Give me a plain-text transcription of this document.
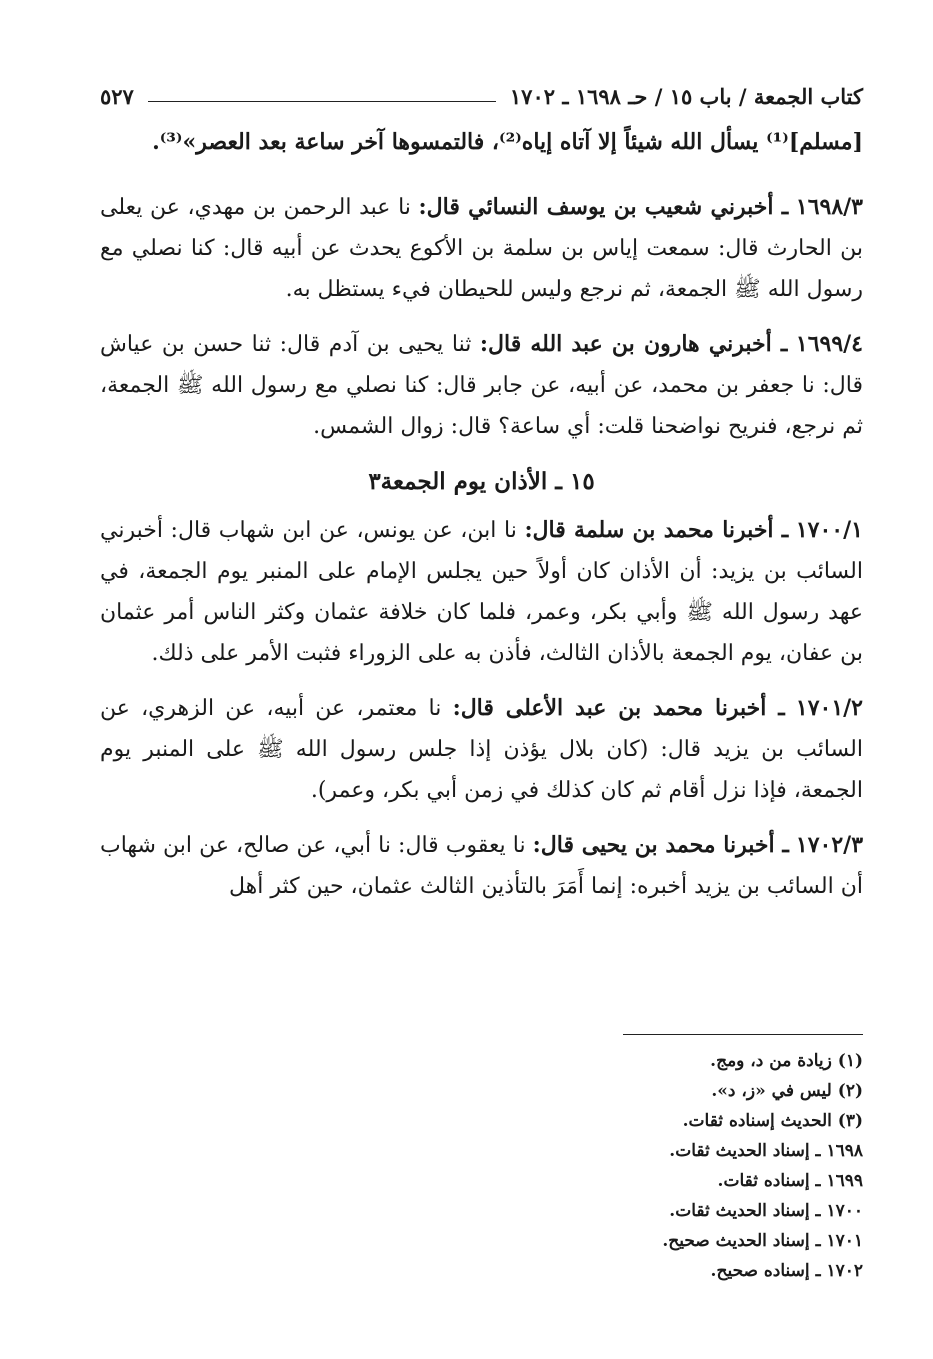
كتاب الجمعة / باب ١٥ / حـ ١٦٩٨ ـ ١٧٠٢
٥٢٧

[مسلم]⁽¹⁾ يسأل الله شيئاً إلا آتاه إياه⁽²⁾، فالتمسوها آخر ساعة بعد العصر»⁽³⁾.

١٦٩٨/٣ ـ أخبرني شعيب بن يوسف النسائي قال: نا عبد الرحمن بن مهدي، عن يعلى بن الحارث قال: سمعت إياس بن سلمة بن الأكوع يحدث عن أبيه قال: كنا نصلي مع رسول الله ﷺ الجمعة، ثم نرجع وليس للحيطان فيء يستظل به.

١٦٩٩/٤ ـ أخبرني هارون بن عبد الله قال: ثنا يحيى بن آدم قال: ثنا حسن بن عياش قال: نا جعفر بن محمد، عن أبيه، عن جابر قال: كنا نصلي مع رسول الله ﷺ الجمعة، ثم نرجع، فنريح نواضحنا قلت: أي ساعة؟ قال: زوال الشمس.

١٥ ـ الأذان يوم الجمعة٣

١٧٠٠/١ ـ أخبرنا محمد بن سلمة قال: نا ابن، عن يونس، عن ابن شهاب قال: أخبرني السائب بن يزيد: أن الأذان كان أولاً حين يجلس الإمام على المنبر يوم الجمعة، في عهد رسول الله ﷺ وأبي بكر، وعمر، فلما كان خلافة عثمان وكثر الناس أمر عثمان بن عفان، يوم الجمعة بالأذان الثالث، فأذن به على الزوراء فثبت الأمر على ذلك.

١٧٠١/٢ ـ أخبرنا محمد بن عبد الأعلى قال: نا معتمر، عن أبيه، عن الزهري، عن السائب بن يزيد قال: (كان بلال يؤذن إذا جلس رسول الله ﷺ على المنبر يوم الجمعة، فإذا نزل أقام ثم كان كذلك في زمن أبي بكر، وعمر).

١٧٠٢/٣ ـ أخبرنا محمد بن يحيى قال: نا يعقوب قال: نا أبي، عن صالح، عن ابن شهاب أن السائب بن يزيد أخبره: إنما أَمَرَ بالتأذين الثالث عثمان، حين كثر أهل

(١) زيادة من د، ومج.
(٢) ليس في «ز، د».
(٣) الحديث إسناده ثقات.
١٦٩٨ ـ إسناد الحديث ثقات.
١٦٩٩ ـ إسناده ثقات.
١٧٠٠ ـ إسناد الحديث ثقات.
١٧٠١ ـ إسناد الحديث صحيح.
١٧٠٢ ـ إسناده صحيح.
